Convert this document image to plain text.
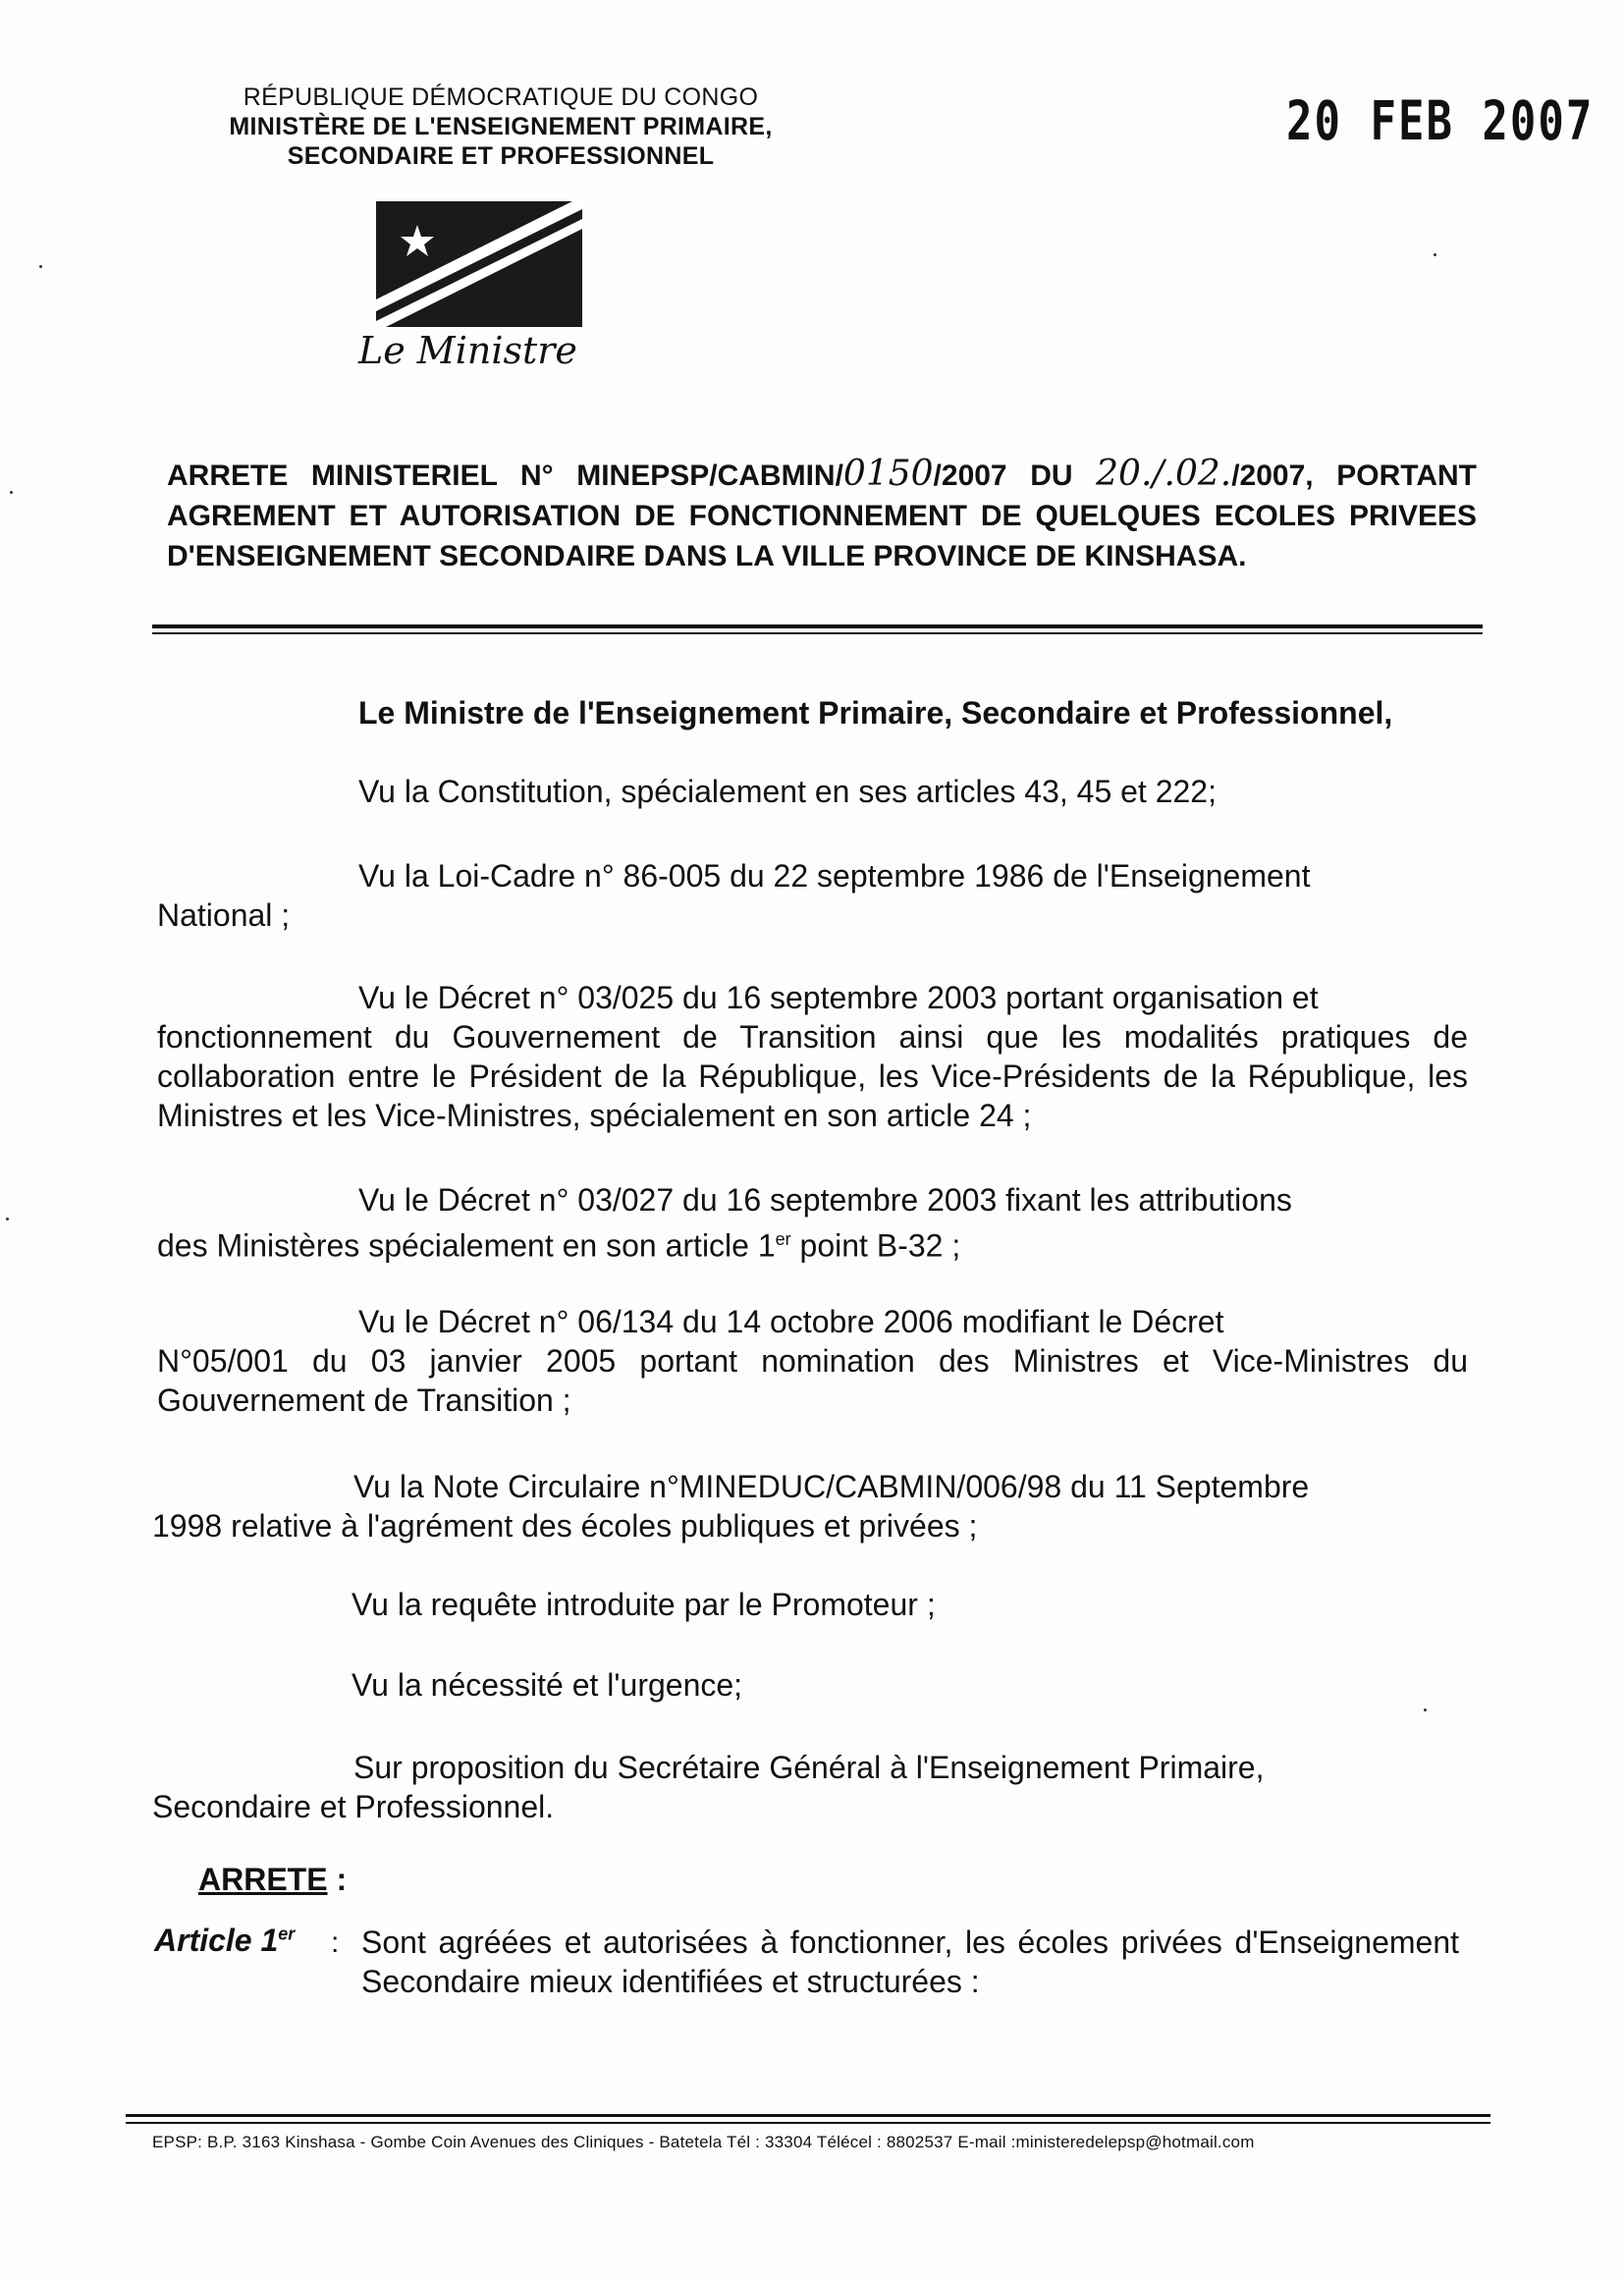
RÉPUBLIQUE DÉMOCRATIQUE DU CONGO
MINISTÈRE DE L'ENSEIGNEMENT PRIMAIRE,
SECONDAIRE ET PROFESSIONNEL
20 FEB 2007
Le Ministre
ARRETE MINISTERIEL N° MINEPSP/CABMIN/0150/2007 DU 20./.02./2007, PORTANT AGREMENT ET AUTORISATION DE FONCTIONNEMENT DE QUELQUES ECOLES PRIVEES D'ENSEIGNEMENT SECONDAIRE DANS LA VILLE PROVINCE DE KINSHASA.
Le Ministre de l'Enseignement Primaire, Secondaire et Professionnel,
Vu la Constitution, spécialement en ses articles 43, 45 et 222;
Vu la Loi-Cadre n° 86-005 du 22 septembre 1986 de l'Enseignement
National ;
Vu le Décret n° 03/025 du 16 septembre 2003 portant organisation et
fonctionnement du Gouvernement de Transition ainsi que les modalités pratiques de collaboration entre le Président de la République, les Vice-Présidents de la République, les Ministres et les Vice-Ministres, spécialement en son article 24 ;
Vu le Décret n° 03/027 du 16 septembre 2003 fixant les attributions
des Ministères spécialement en son article 1er point B-32 ;
Vu le Décret n° 06/134 du 14 octobre 2006 modifiant le Décret
N°05/001 du 03 janvier 2005 portant nomination des Ministres et Vice-Ministres du Gouvernement de Transition ;
Vu la Note Circulaire n°MINEDUC/CABMIN/006/98 du 11 Septembre
1998 relative à l'agrément des écoles publiques et privées ;
Vu la requête introduite par le Promoteur ;
Vu la nécessité et l'urgence;
Sur proposition du Secrétaire Général à l'Enseignement Primaire,
Secondaire et Professionnel.
ARRETE :
Article 1er : Sont agréées et autorisées à fonctionner, les écoles privées d'Enseignement Secondaire mieux identifiées et structurées :
EPSP: B.P. 3163 Kinshasa - Gombe Coin Avenues des Cliniques - Batetela Tél : 33304 Télécel : 8802537 E-mail :ministeredelepsp@hotmail.com
